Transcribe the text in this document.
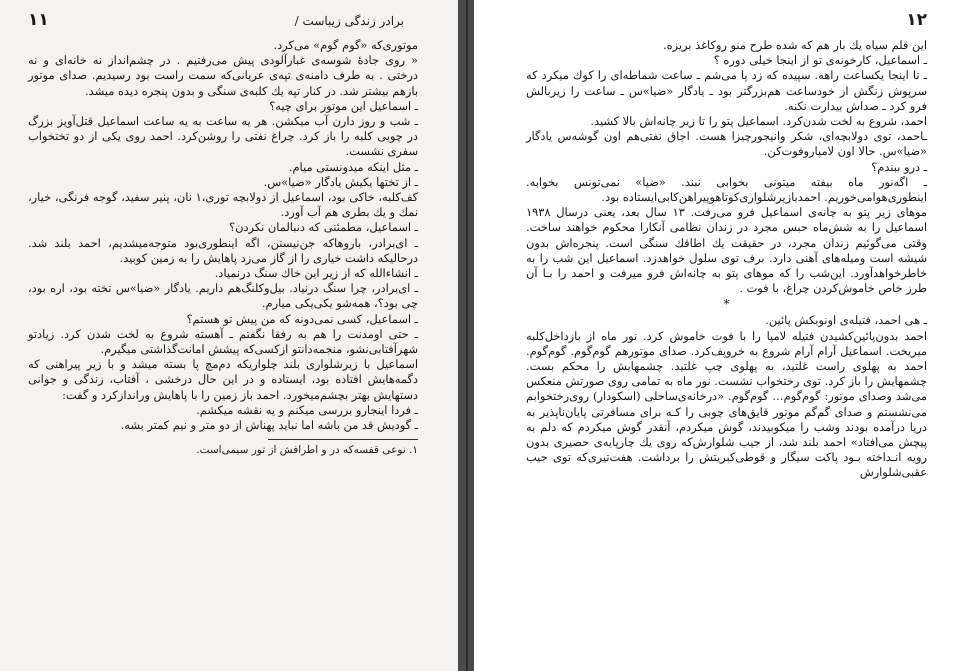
برادر زندگی زیباست /
۱۱

موتوری‌که «گوم گوم» می‌کرد.

« روی جادهٔ شوسه‌ی غبارآلودی پیش می‌رفتیم . در چشم‌انداز نه خانه‌ای و نه درختی . به طرف دامنه‌ی تپه‌ی عریانی‌که سمت راست بود رسیدیم. صدای موتور بازهم بیشتر شد. در کنار تپه یك کلبه‌ی سنگی و بدون پنجره دیده میشد.

ـ اسماعیل این موتور برای چیه؟

ـ شب و روز دارن آب میکشن. هر یه ساعت به یه ساعت اسماعیل قتل‌آویز بزرگ در چوبی کلبه را باز کرد. چراغ نفتی را روشن‌کرد. احمد روی یکی از دو تختخواب سفری نشست.

ـ مثل اینکه میدونستی میام.

ـ از تختها یکیش یادگار «ضیا»س.

کف‌کلبه، خاکی بود، اسماعیل از دولابچه توری،۱ نان، پنیر سفید، گوجه فرنگی، خیار، نمك و یك بطری هم آب آورد.

ـ اسماعیل، مطمئنی که دنبالمان نکردن؟

ـ ای‌برادر، بارو‌هاکه جن‌نیستن، اگه اینطوری‌بود متوجه‌میشدیم، احمد بلند شد. درحالیکه داشت خیاری را از گاز می‌زد پاهایش را به زمین کوبید.

ـ انشاءالله که از زیر این خاك سنگ درنمیاد.

ـ ای‌برادر، چرا سنگ درنیاد. بیل‌وکلنگ‌هم داریم. یادگار «ضیا»س تخته بود، اره بود، چی بود؟، همه‌شو یکی‌یکی میارم.

ـ اسماعیل، کسی نمی‌دونه که من پیش تو هستم؟

ـ حتی اومدنت را هم به رفقا نگفتم ـ آهسته شروع به لخت شدن کرد. زیادتو شهرآفتابی‌نشو، منجمه‌دانتو ازکسی‌که پیشش امانت‌گذاشتی میگیرم.

اسماعیل با زیرشلواری بلند چلواریکه دم‌مچ پا بسته میشد و با زیر پیراهنی که دگمه‌هایش افتاده بود، ایستاده و در این حال درخشی ، آفتاب، زندگی و جوانی دستهایش بهتر بچشم‌میخورد. احمد باز زمین را با پاهایش وراندازکرد و گفت:

ـ فردا اینجارو بررسی میکنم و یه نقشه میکشم.

ـ گودیش قد من باشه اما نباید پهناش از دو متر و نیم کمتر بشه.

۱. نوعی قفسه‌که در و اطرافش از تور سیمی‌است.
۱۲

این قلم سیاه یك بار هم که شده طرح منو روکاغذ بریزه.

ـ اسماعیل، کارخونه‌ی تو از اینجا خیلی دوره ؟

ـ تا اینجا یکساعت راهه. سپیده که زد پا می‌شم ـ ساعت شماطه‌ای را کوك میکرد که سرپوش زنگش از خودساعت هم‌بزرگتر بود ـ یادگار «ضیا»س ـ ساعت را زیربالش فرو کرد ـ صداش بیدارت نکنه.

احمد، شروع به لخت شدن‌کرد. اسماعیل پتو را تا زیر چانه‌اش بالا کشید.

ـاحمد، توی دولابچه‌ای، شکر وانیجورچیزا هست. اجاق نفتی‌هم اون گوشه‌س یادگار «ضیا»س. حالا اون لامپاروفوت‌کن.

ـ درو ببندم؟

ـ اگه‌نور ماه بیفته میتونی بخوابی نبند. «ضیا» نمی‌تونس بخوابه. اینطوری‌هوامی‌خوریم. احمدبازیرشلواری‌کوتاهوپیراهن‌کابی‌ایستاده بود.

موهای زیر پتو به چانه‌ی اسماعیل فرو می‌رفت. ۱۳ سال بعد، یعنی درسال ۱۹۳۸ اسماعیل را به شش‌ماه حبس مجرد در زندان نظامی آنکارا محکوم خواهند ساخت. وقتی می‌گوئیم زندان مجرد، در حقیقت یك اطاقك سنگی است. پنجره‌اش بدون شیشه است ومیله‌های آهنی دارد. برف توی سلول خواهدزد. اسماعیل این شب را به خاطرخواهدآورد. این‌شب را که موهای پتو به چانه‌اش فرو میرفت و احمد را بـا آن طرز خاص خاموش‌کردن چراغ، با فوت .

*

ـ هی احمد، فتیله‌ی اونوبکش پائین.

احمد بدون‌پائین‌کشیدن فتیله لامپا را با فوت خاموش کرد. نور ماه از بازداخل‌کلبه میریخت. اسماعیل آرام آرام شروع به خروپف‌کرد. صدای موتورهم گوم‌گوم. گوم‌گوم. احمد به پهلوی راست غلتید، به پهلوی چپ غلتید. چشمهایش را محکم بست. چشمهایش را باز کرد. توی رختخواب نشست. نور ماه به تمامی روی صورتش منعکس می‌شد وصدای موتور: گوم‌گوم‌… گوم‌گوم. «درخانه‌ی‌ساحلی (اسکودار) روی‌رختخوابم می‌نشستم و صدای گم‌گم موتور قایق‌های چوبی را کـه برای مسافرتی پایان‌ناپذیر به دریا درآمده بودند وشب را میکوبیدند، گوش میکردم، آنقدر گوش میکردم که دلم به پیچش می‌افتاد» احمد بلند شد، از جیب شلوارش‌که روی یك چارپایه‌ی حصیری بدون رویه انـداخته بـود پاکت سیگار و قوطی‌کبریتش را برداشت. هفت‌تیری‌که توی جیب عقبی‌شلوارش
